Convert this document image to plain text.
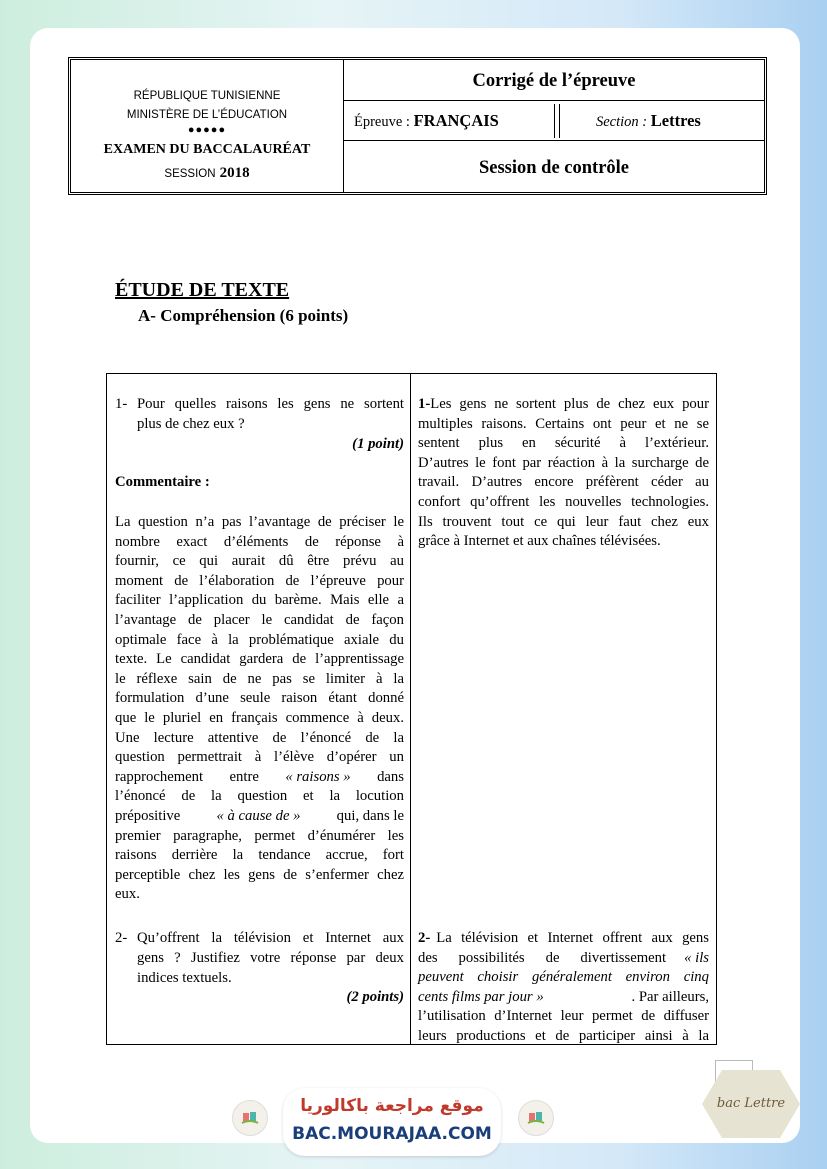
RÉPUBLIQUE TUNISIENNE
MINISTÈRE DE L’ÉDUCATION
●●●●●
EXAMEN DU BACCALAURÉAT
SESSION 2018
Corrigé de l’épreuve
Épreuve : FRANÇAIS	Section : Lettres
Session de contrôle
ÉTUDE DE TEXTE
A- Compréhension (6 points)
1- Pour quelles raisons les gens ne sortent
plus de chez eux ?
(1 point)
Commentaire :
La question n’a pas l’avantage de préciser le
nombre exact d’éléments de réponse à
fournir, ce qui aurait dû être prévu au
moment de l’élaboration de l’épreuve pour
faciliter l’application du barème. Mais elle a
l’avantage de placer le candidat de façon
optimale face à la problématique axiale du
texte. Le candidat gardera de l’apprentissage
le réflexe sain de ne pas se limiter à la
formulation d’une seule raison étant donné
que le pluriel en français commence à deux.
Une lecture attentive de l’énoncé de la
question permettrait à l’élève d’opérer un
rapprochement entre « raisons » dans
l’énoncé de la question et la locution
prépositive « à cause de » qui, dans le
premier paragraphe, permet d’énumérer les
raisons derrière la tendance accrue, fort
perceptible chez les gens de s’enfermer chez
eux.
1- Les gens ne sortent plus de chez eux pour
multiples raisons. Certains ont peur et ne se
sentent plus en sécurité à l’extérieur.
D’autres le font par réaction à la surcharge de
travail. D’autres encore préfèrent céder au
confort qu’offrent les nouvelles technologies.
Ils trouvent tout ce qui leur faut chez eux
grâce à Internet et aux chaînes télévisées.
2- Qu’offrent la télévision et Internet aux
gens ? Justifiez votre réponse par deux
indices textuels.
(2 points)
2- La télévision et Internet offrent aux gens
des possibilités de divertissement « ils
peuvent choisir généralement environ cinq
cents films par jour »	. Par ailleurs,
l’utilisation d’Internet leur permet de diffuser
leurs productions et de participer ainsi à la
موقع مراجعة باكالوريا
BAC.MOURAJAA.COM
bac Lettre
